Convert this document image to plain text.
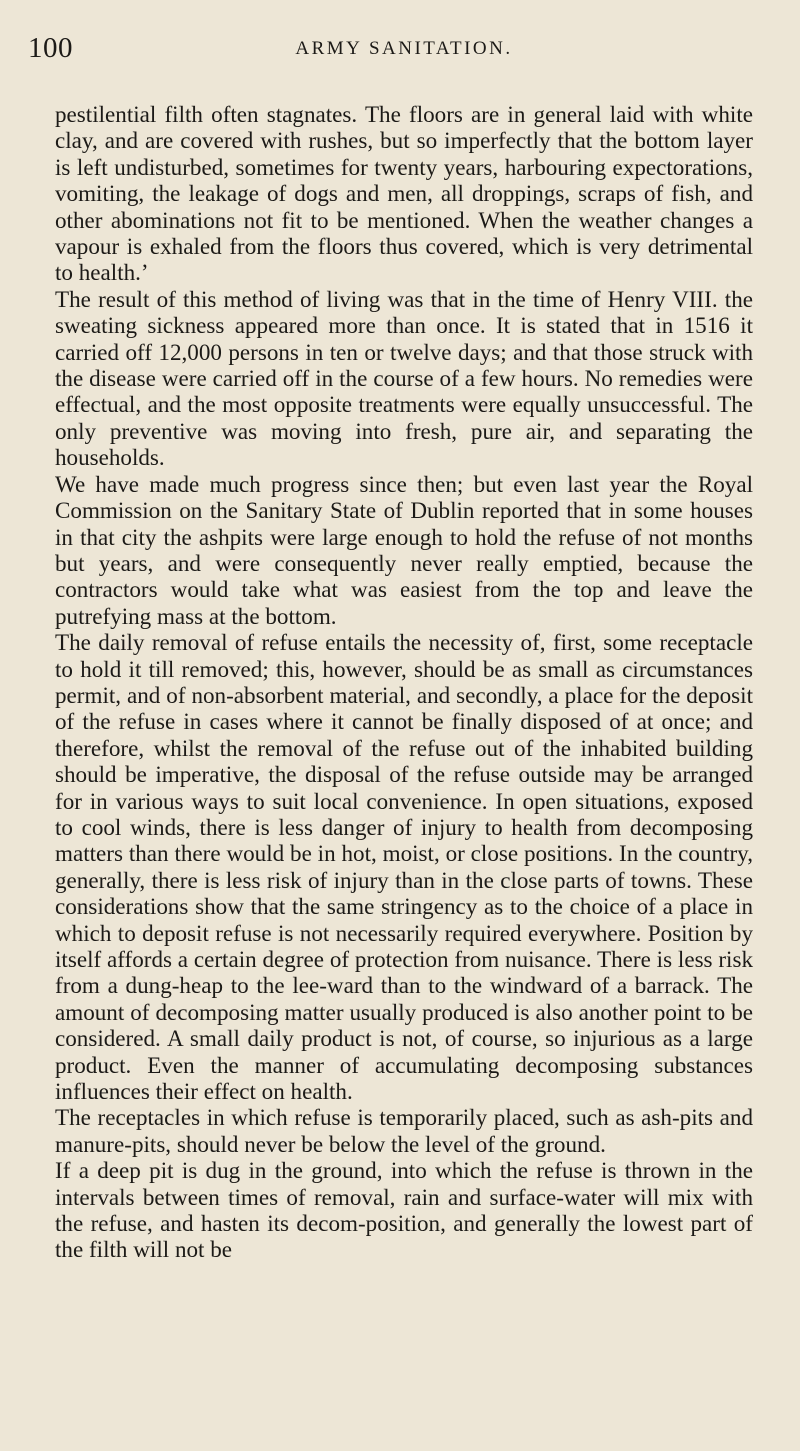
100	ARMY SANITATION.

pestilential filth often stagnates. The floors are in general laid with white clay, and are covered with rushes, but so imperfectly that the bottom layer is left undisturbed, sometimes for twenty years, harbouring expectorations, vomiting, the leakage of dogs and men, all droppings, scraps of fish, and other abominations not fit to be mentioned. When the weather changes a vapour is exhaled from the floors thus covered, which is very detrimental to health.’

The result of this method of living was that in the time of Henry VIII. the sweating sickness appeared more than once. It is stated that in 1516 it carried off 12,000 persons in ten or twelve days; and that those struck with the disease were carried off in the course of a few hours. No remedies were effectual, and the most opposite treatments were equally unsuccessful. The only preventive was moving into fresh, pure air, and separating the households.

We have made much progress since then; but even last year the Royal Commission on the Sanitary State of Dublin reported that in some houses in that city the ashpits were large enough to hold the refuse of not months but years, and were consequently never really emptied, because the contractors would take what was easiest from the top and leave the putrefying mass at the bottom.

The daily removal of refuse entails the necessity of, first, some receptacle to hold it till removed; this, however, should be as small as circumstances permit, and of non-absorbent material, and secondly, a place for the deposit of the refuse in cases where it cannot be finally disposed of at once; and therefore, whilst the removal of the refuse out of the inhabited building should be imperative, the disposal of the refuse outside may be arranged for in various ways to suit local convenience. In open situations, exposed to cool winds, there is less danger of injury to health from decomposing matters than there would be in hot, moist, or close positions. In the country, generally, there is less risk of injury than in the close parts of towns. These considerations show that the same stringency as to the choice of a place in which to deposit refuse is not necessarily required everywhere. Position by itself affords a certain degree of protection from nuisance. There is less risk from a dung-heap to the lee-ward than to the windward of a barrack. The amount of decomposing matter usually produced is also another point to be considered. A small daily product is not, of course, so injurious as a large product. Even the manner of accumulating decomposing substances influences their effect on health.

The receptacles in which refuse is temporarily placed, such as ash-pits and manure-pits, should never be below the level of the ground.

If a deep pit is dug in the ground, into which the refuse is thrown in the intervals between times of removal, rain and surface-water will mix with the refuse, and hasten its decom-position, and generally the lowest part of the filth will not be
